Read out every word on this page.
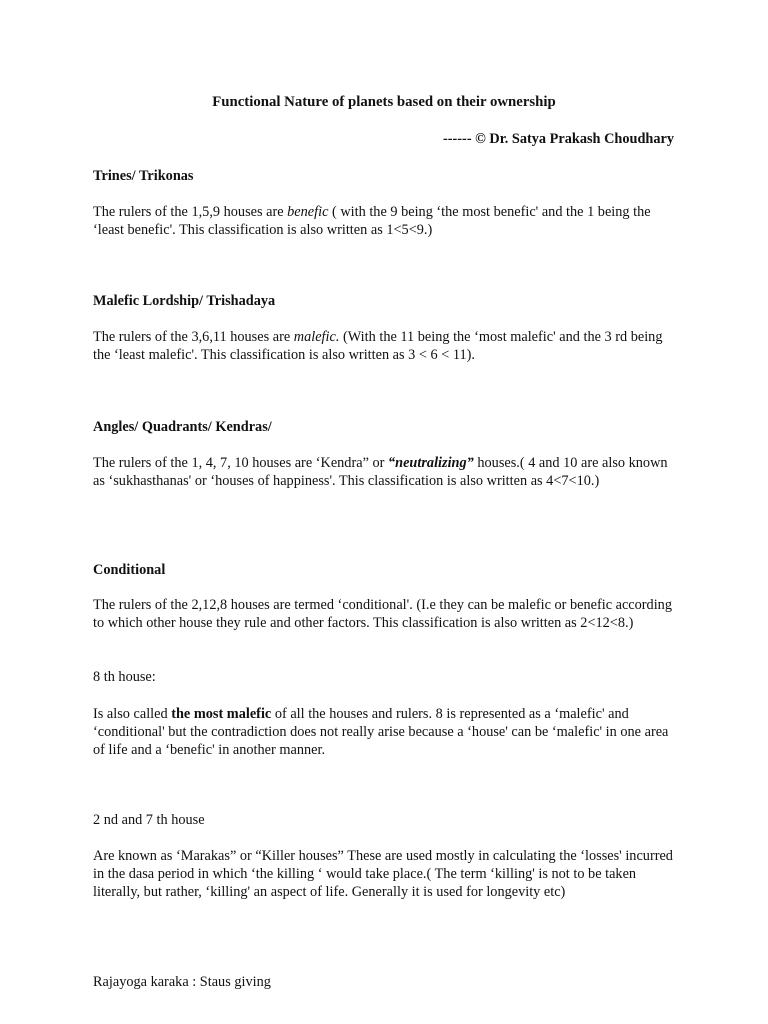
Functional Nature of planets based on their ownership

------ © Dr. Satya Prakash Choudhary

Trines/ Trikonas

The rulers of the 1,5,9 houses are benefic ( with the 9 being ‘the most benefic' and the 1 being the ‘least benefic'. This classification is also written as 1<5<9.)

Malefic Lordship/ Trishadaya

The rulers of the 3,6,11 houses are malefic. (With the 11 being the ‘most malefic' and the 3 rd being the ‘least malefic'. This classification is also written as 3 < 6 < 11).

Angles/ Quadrants/ Kendras/

The rulers of the 1, 4, 7, 10 houses are ‘Kendra” or “neutralizing” houses.( 4 and 10 are also known as ‘sukhasthanas' or ‘houses of happiness'. This classification is also written as 4<7<10.)

Conditional

The rulers of the 2,12,8 houses are termed ‘conditional'. (I.e they can be malefic or benefic according to which other house they rule and other factors. This classification is also written as 2<12<8.)

8 th house:

Is also called the most malefic of all the houses and rulers. 8 is represented as a ‘malefic' and ‘conditional' but the contradiction does not really arise because a ‘house' can be ‘malefic' in one area of life and a ‘benefic' in another manner.

2 nd and 7 th house

Are known as ‘Marakas” or “Killer houses” These are used mostly in calculating the ‘losses' incurred in the dasa period in which ‘the killing ‘ would take place.( The term ‘killing' is not to be taken literally, but rather, ‘killing' an aspect of life. Generally it is used for longevity etc)

Rajayoga karaka : Staus giving
